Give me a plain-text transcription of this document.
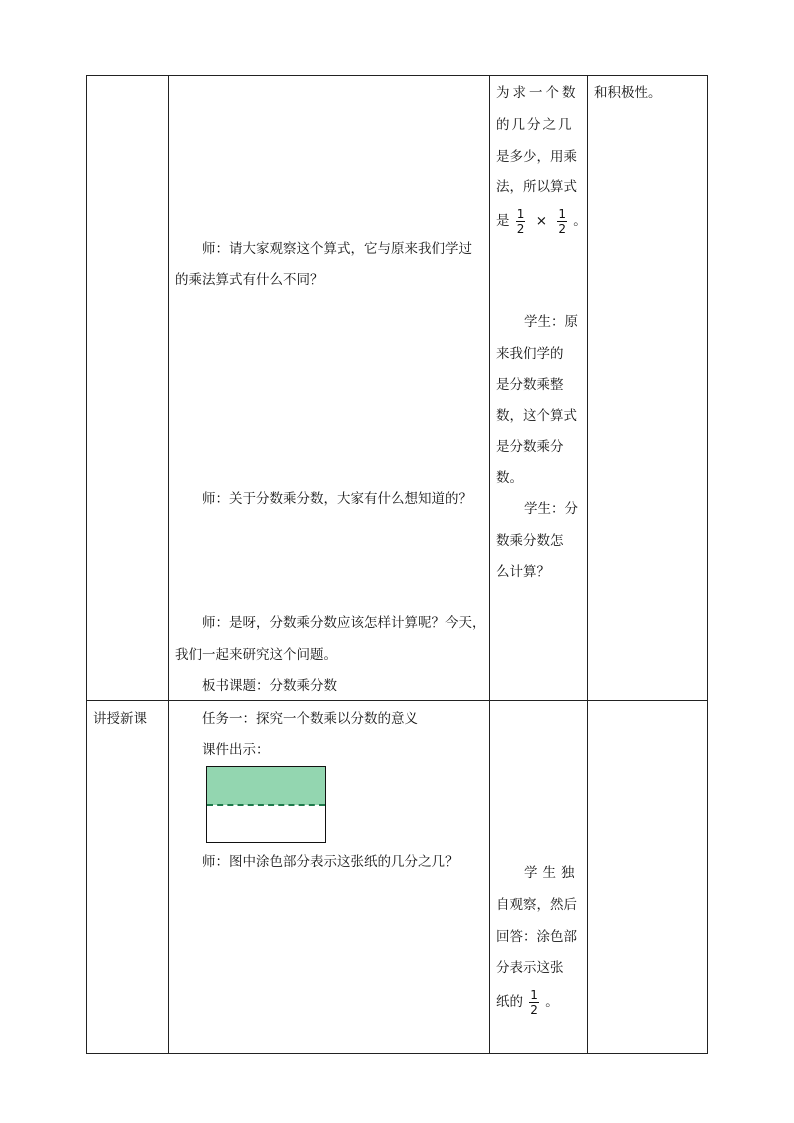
为求一个数
的几分之几
是多少，用乘
法，所以算式
是 $\frac{1}{2} \times \frac{1}{2}$ 。
和积极性。
师：请大家观察这个算式，它与原来我们学过
的乘法算式有什么不同？
师：关于分数乘分数，大家有什么想知道的？
师：是呀，分数乘分数应该怎样计算呢？今天，
我们一起来研究这个问题。
板书课题：分数乘分数
学生：原
来我们学的
是分数乘整
数，这个算式
是分数乘分
数。
学生：分
数乘分数怎
么计算？
讲授新课	任务一：探究一个数乘以分数的意义
课件出示：
师：图中涂色部分表示这张纸的几分之几？
学生独
自观察，然后
回答：涂色部
分表示这张
纸的 $\frac{1}{2}$ 。
